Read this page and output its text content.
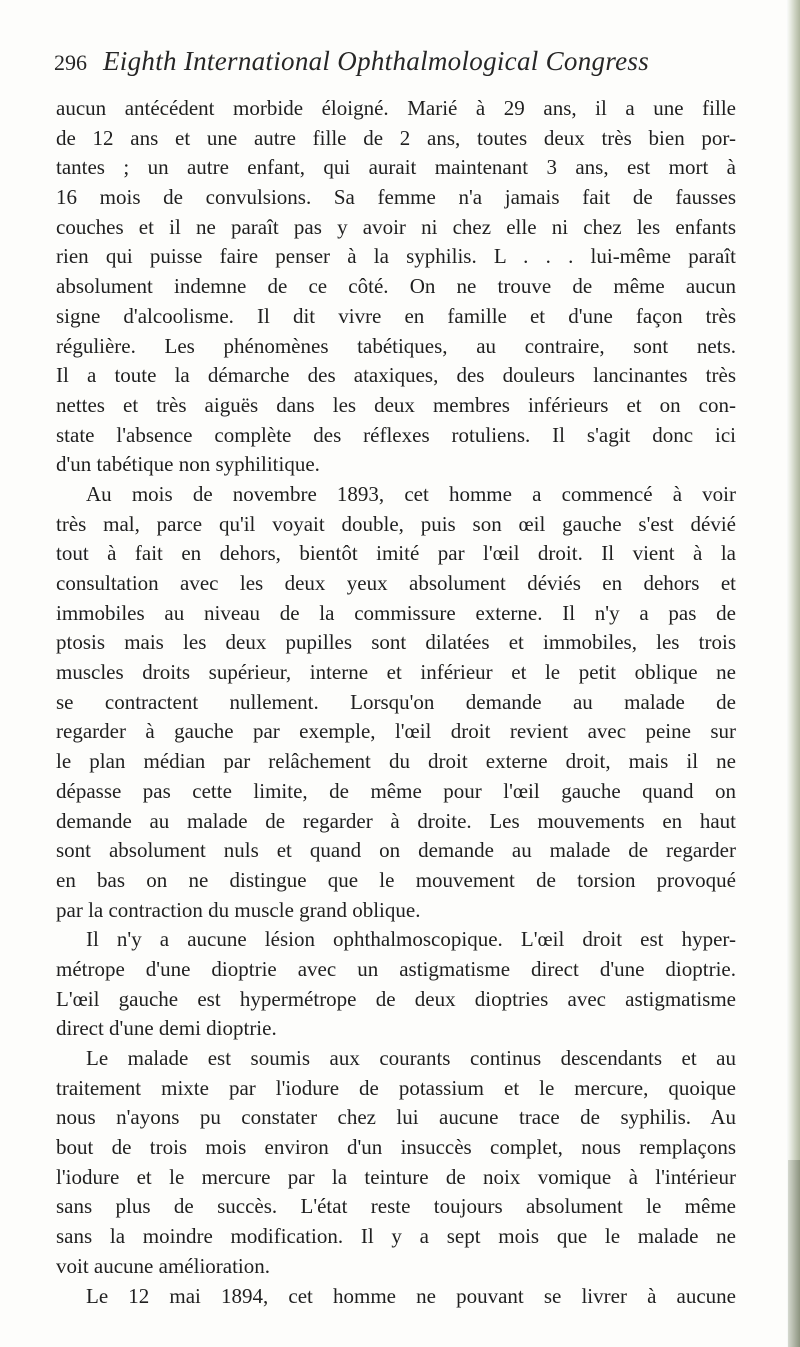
296 Eighth International Ophthalmological Congress
aucun antécédent morbide éloigné. Marié à 29 ans, il a une fille
de 12 ans et une autre fille de 2 ans, toutes deux très bien por-
tantes ; un autre enfant, qui aurait maintenant 3 ans, est mort à
16 mois de convulsions. Sa femme n'a jamais fait de fausses
couches et il ne paraît pas y avoir ni chez elle ni chez les enfants
rien qui puisse faire penser à la syphilis. L . . . lui-même paraît
absolument indemne de ce côté. On ne trouve de même aucun
signe d'alcoolisme. Il dit vivre en famille et d'une façon très
régulière. Les phénomènes tabétiques, au contraire, sont nets.
Il a toute la démarche des ataxiques, des douleurs lancinantes très
nettes et très aiguës dans les deux membres inférieurs et on con-
state l'absence complète des réflexes rotuliens. Il s'agit donc ici
d'un tabétique non syphilitique.
Au mois de novembre 1893, cet homme a commencé à voir
très mal, parce qu'il voyait double, puis son œil gauche s'est dévié
tout à fait en dehors, bientôt imité par l'œil droit. Il vient à la
consultation avec les deux yeux absolument déviés en dehors et
immobiles au niveau de la commissure externe. Il n'y a pas de
ptosis mais les deux pupilles sont dilatées et immobiles, les trois
muscles droits supérieur, interne et inférieur et le petit oblique ne
se contractent nullement. Lorsqu'on demande au malade de
regarder à gauche par exemple, l'œil droit revient avec peine sur
le plan médian par relâchement du droit externe droit, mais il ne
dépasse pas cette limite, de même pour l'œil gauche quand on
demande au malade de regarder à droite. Les mouvements en haut
sont absolument nuls et quand on demande au malade de regarder
en bas on ne distingue que le mouvement de torsion provoqué
par la contraction du muscle grand oblique.
Il n'y a aucune lésion ophthalmoscopique. L'œil droit est hyper-
métrope d'une dioptrie avec un astigmatisme direct d'une dioptrie.
L'œil gauche est hypermétrope de deux dioptries avec astigmatisme
direct d'une demi dioptrie.
Le malade est soumis aux courants continus descendants et au
traitement mixte par l'iodure de potassium et le mercure, quoique
nous n'ayons pu constater chez lui aucune trace de syphilis. Au
bout de trois mois environ d'un insuccès complet, nous remplaçons
l'iodure et le mercure par la teinture de noix vomique à l'intérieur
sans plus de succès. L'état reste toujours absolument le même
sans la moindre modification. Il y a sept mois que le malade ne
voit aucune amélioration.
Le 12 mai 1894, cet homme ne pouvant se livrer à aucune
